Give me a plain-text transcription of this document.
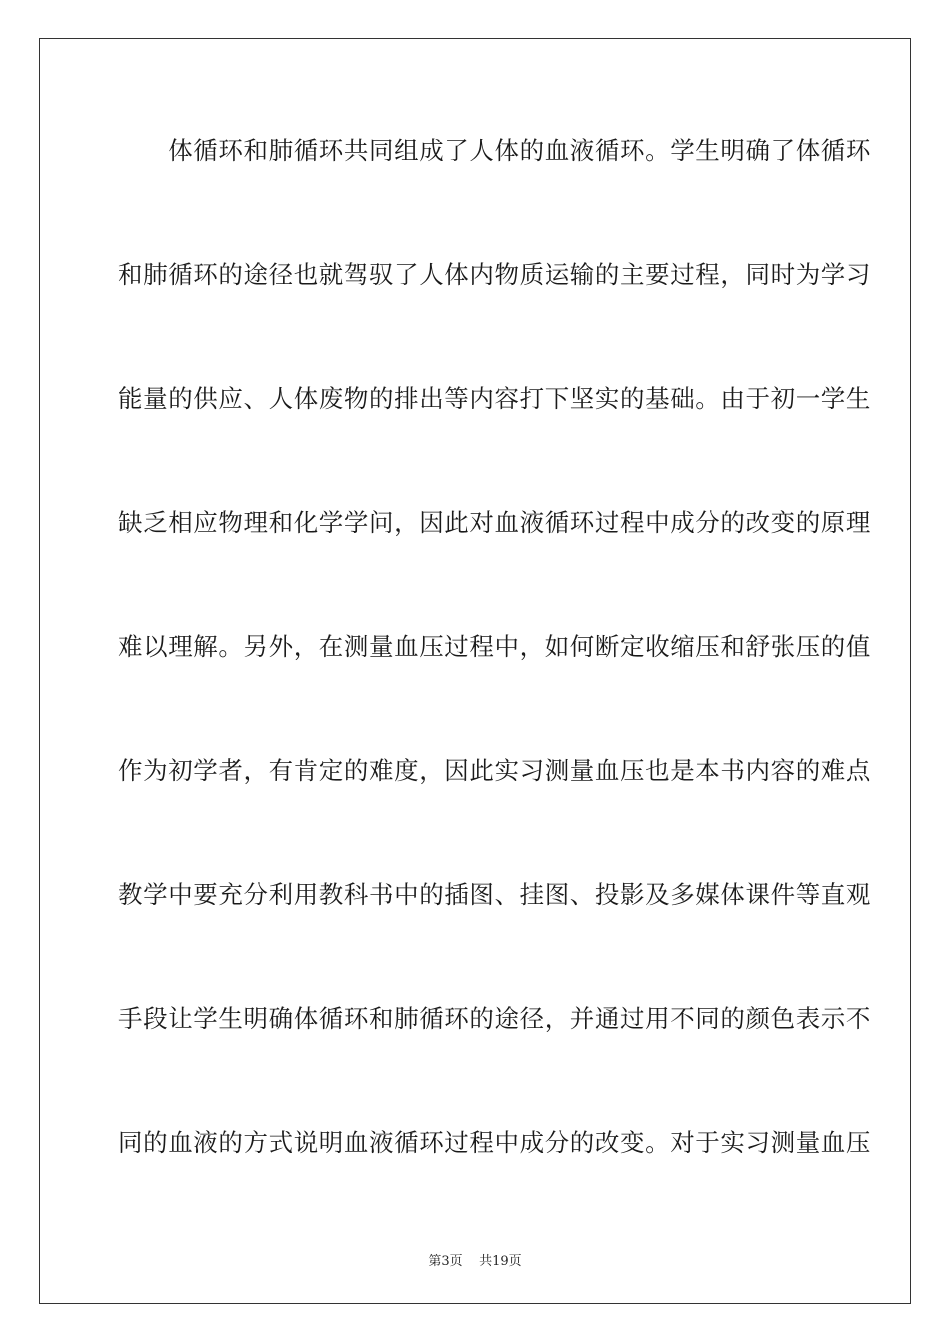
　　体循环和肺循环共同组成了人体的血液循环。学生明确了体循环
和肺循环的途径也就驾驭了人体内物质运输的主要过程，同时为学习
能量的供应、人体废物的排出等内容打下坚实的基础。由于初一学生
缺乏相应物理和化学学问，因此对血液循环过程中成分的改变的原理
难以理解。另外，在测量血压过程中，如何断定收缩压和舒张压的值
作为初学者，有肯定的难度，因此实习测量血压也是本书内容的难点
教学中要充分利用教科书中的插图、挂图、投影及多媒体课件等直观
手段让学生明确体循环和肺循环的途径，并通过用不同的颜色表示不
同的血液的方式说明血液循环过程中成分的改变。对于实习测量血压
第3页 共19页
